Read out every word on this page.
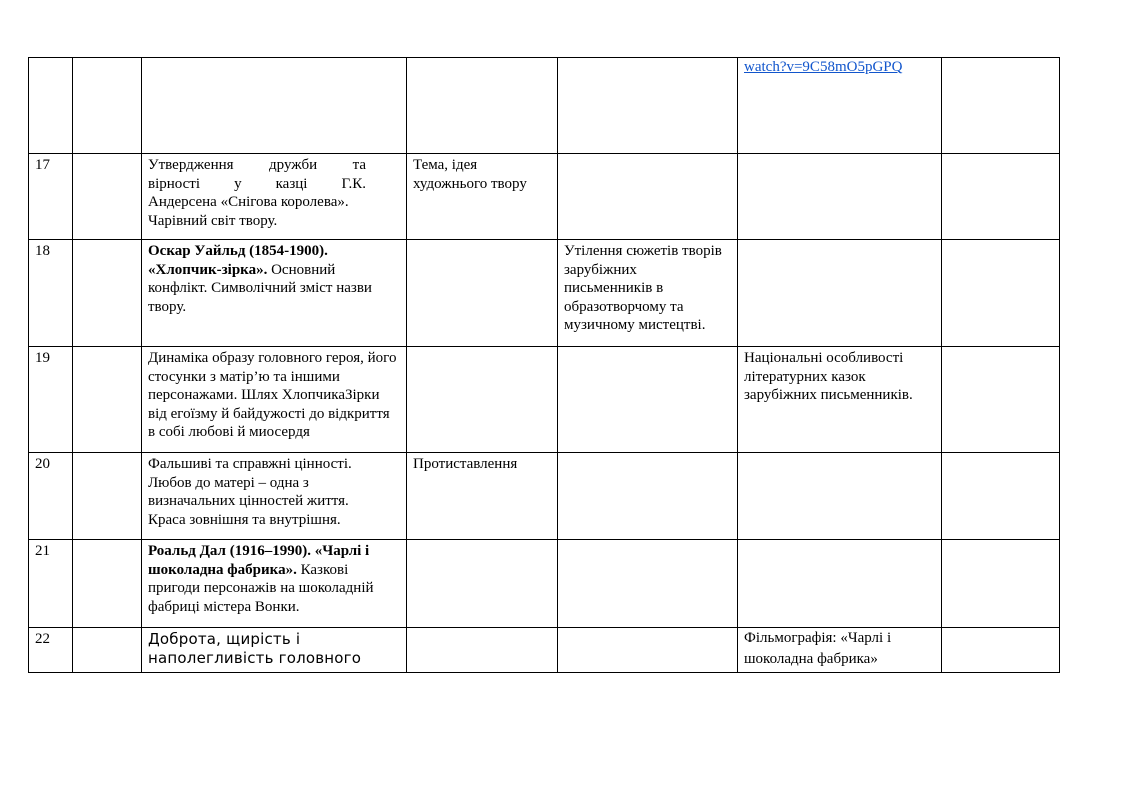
					watch?v=9C58mO5pGPQ	
17		Утвердження дружби та
вірності у казці Г.К.
Андерсена «Снігова королева». Чарівний світ твору.	Тема, ідея художнього твору			
18		Оскар Уайльд (1854-1900). «Хлопчик-зірка». Основний конфлікт. Символічний зміст назви твору.		Утілення сюжетів творів зарубіжних письменників в образотворчому та музичному мистецтві.		
19		Динаміка образу головного героя, його стосунки з матір’ю та іншими персонажами. Шлях ХлопчикаЗірки від егоїзму й байдужості до відкриття в собі любові й миосердя			Національні особливості літературних казок зарубіжних письменників.	
20		Фальшиві та справжні цінності. Любов до матері – одна з визначальних цінностей життя. Краса зовнішня та внутрішня.	Протиставлення			
21		Роальд Дал (1916–1990). «Чарлі і шоколадна фабрика». Казкові пригоди персонажів на шоколадній фабриці містера Вонки.				
22		Доброта, щирість і наполегливість головного			Фільмографія: «Чарлі і шоколадна фабрика»	
